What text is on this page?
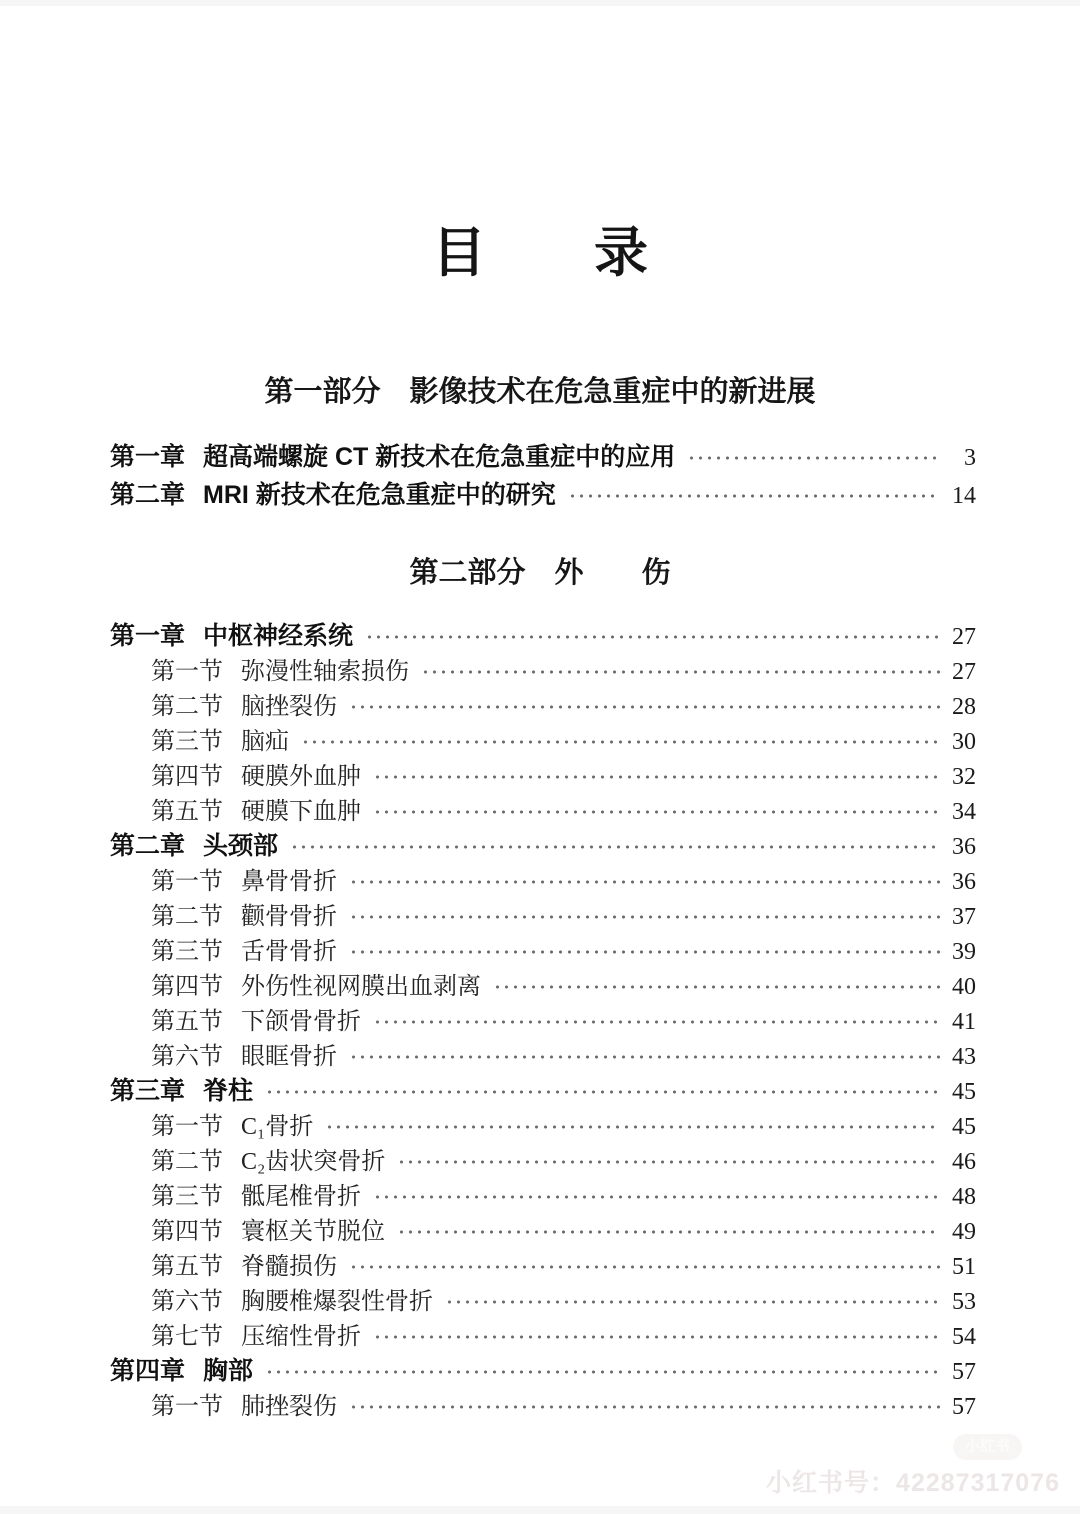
目　　录
第一部分　影像技术在危急重症中的新进展
第一章 超高端螺旋 CT 新技术在危急重症中的应用	3
第二章 MRI 新技术在危急重症中的研究	14
第二部分　外　　伤
第一章 中枢神经系统	27
第一节 弥漫性轴索损伤	27
第二节 脑挫裂伤	28
第三节 脑疝	30
第四节 硬膜外血肿	32
第五节 硬膜下血肿	34
第二章 头颈部	36
第一节 鼻骨骨折	36
第二节 颧骨骨折	37
第三节 舌骨骨折	39
第四节 外伤性视网膜出血剥离	40
第五节 下颌骨骨折	41
第六节 眼眶骨折	43
第三章 脊柱	45
第一节 C₁骨折	45
第二节 C₂齿状突骨折	46
第三节 骶尾椎骨折	48
第四节 寰枢关节脱位	49
第五节 脊髓损伤	51
第六节 胸腰椎爆裂性骨折	53
第七节 压缩性骨折	54
第四章 胸部	57
第一节 肺挫裂伤	57
小红书
小红书号：42287317076
